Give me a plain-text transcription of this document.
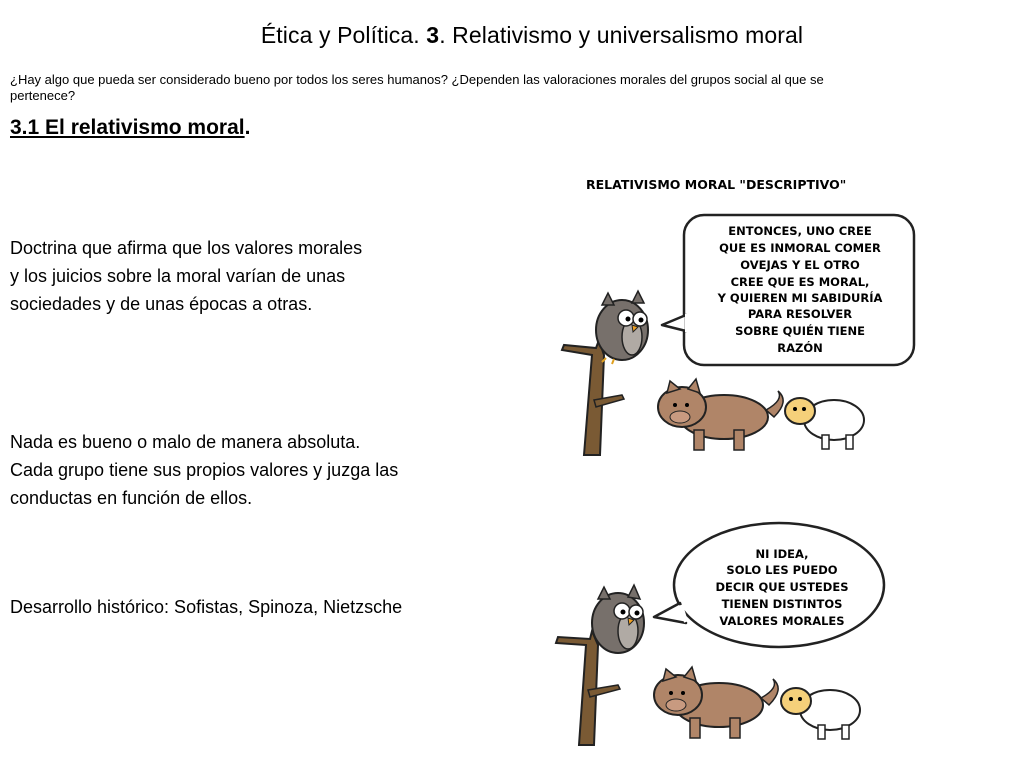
Ética y Política. 3. Relativismo y universalismo moral
¿Hay algo que pueda ser considerado bueno por todos los seres humanos? ¿Dependen las valoraciones morales del grupos social al que se
pertenece?
3.1 El relativismo moral.
Doctrina que afirma que los valores morales
y los juicios sobre la moral varían de unas
sociedades y de unas épocas a otras.
Nada es bueno o malo de manera absoluta.
Cada grupo tiene sus propios valores y juzga las
conductas en función de ellos.
Desarrollo histórico: Sofistas, Spinoza, Nietzsche
RELATIVISMO MORAL "DESCRIPTIVO"
ENTONCES, UNO CREE
QUE ES INMORAL COMER
OVEJAS Y EL OTRO
CREE QUE ES MORAL,
Y QUIEREN MI SABIDURÍA
PARA RESOLVER
SOBRE QUIÉN TIENE
RAZÓN
NI IDEA,
SOLO LES PUEDO
DECIR QUE USTEDES
TIENEN DISTINTOS
VALORES MORALES
